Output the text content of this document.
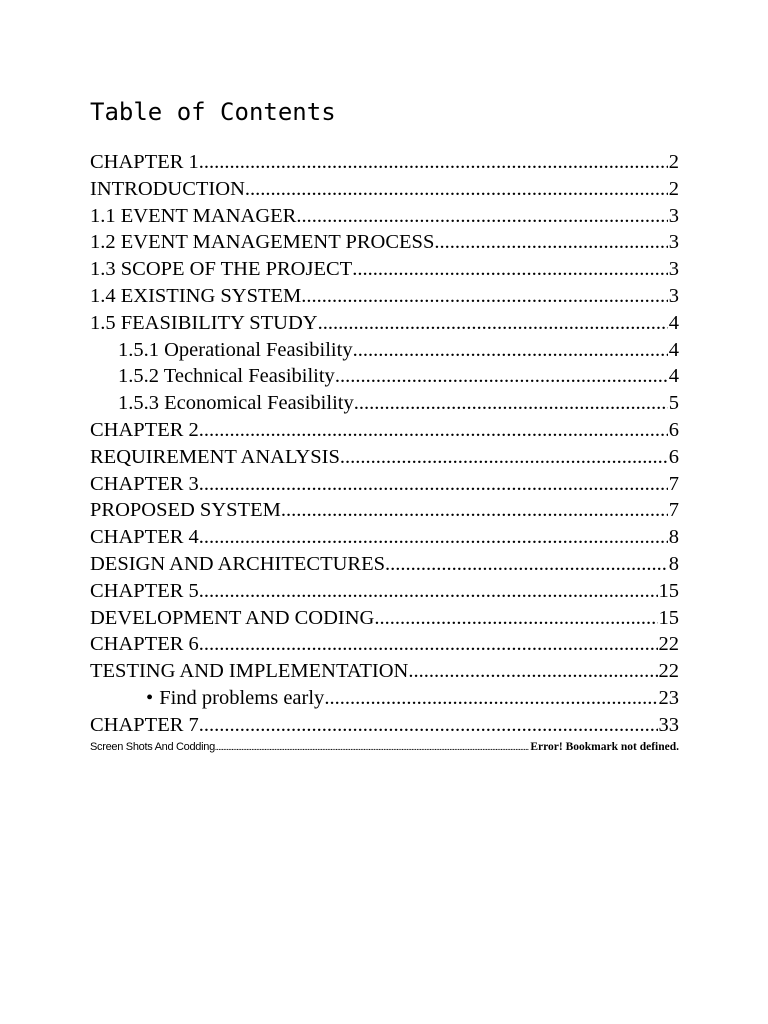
Table of Contents
CHAPTER 1 .....	2
INTRODUCTION .....	2
1.1 EVENT MANAGER .....	3
1.2 EVENT MANAGEMENT PROCESS .....	3
1.3 SCOPE OF THE PROJECT .....	3
1.4 EXISTING SYSTEM .....	3
1.5 FEASIBILITY STUDY .....	4
1.5.1 Operational Feasibility .....	4
1.5.2 Technical Feasibility .....	4
1.5.3 Economical Feasibility .....	5
CHAPTER 2 .....	6
REQUIREMENT ANALYSIS .....	6
CHAPTER 3 .....	7
PROPOSED SYSTEM .....	7
CHAPTER 4 .....	8
DESIGN AND ARCHITECTURES .....	8
CHAPTER 5 .....	15
DEVELOPMENT AND CODING .....	15
CHAPTER 6 .....	22
TESTING AND IMPLEMENTATION .....	22
• Find problems early .....	23
CHAPTER 7 .....	33
Screen Shots And Codding .....	Error! Bookmark not defined.
